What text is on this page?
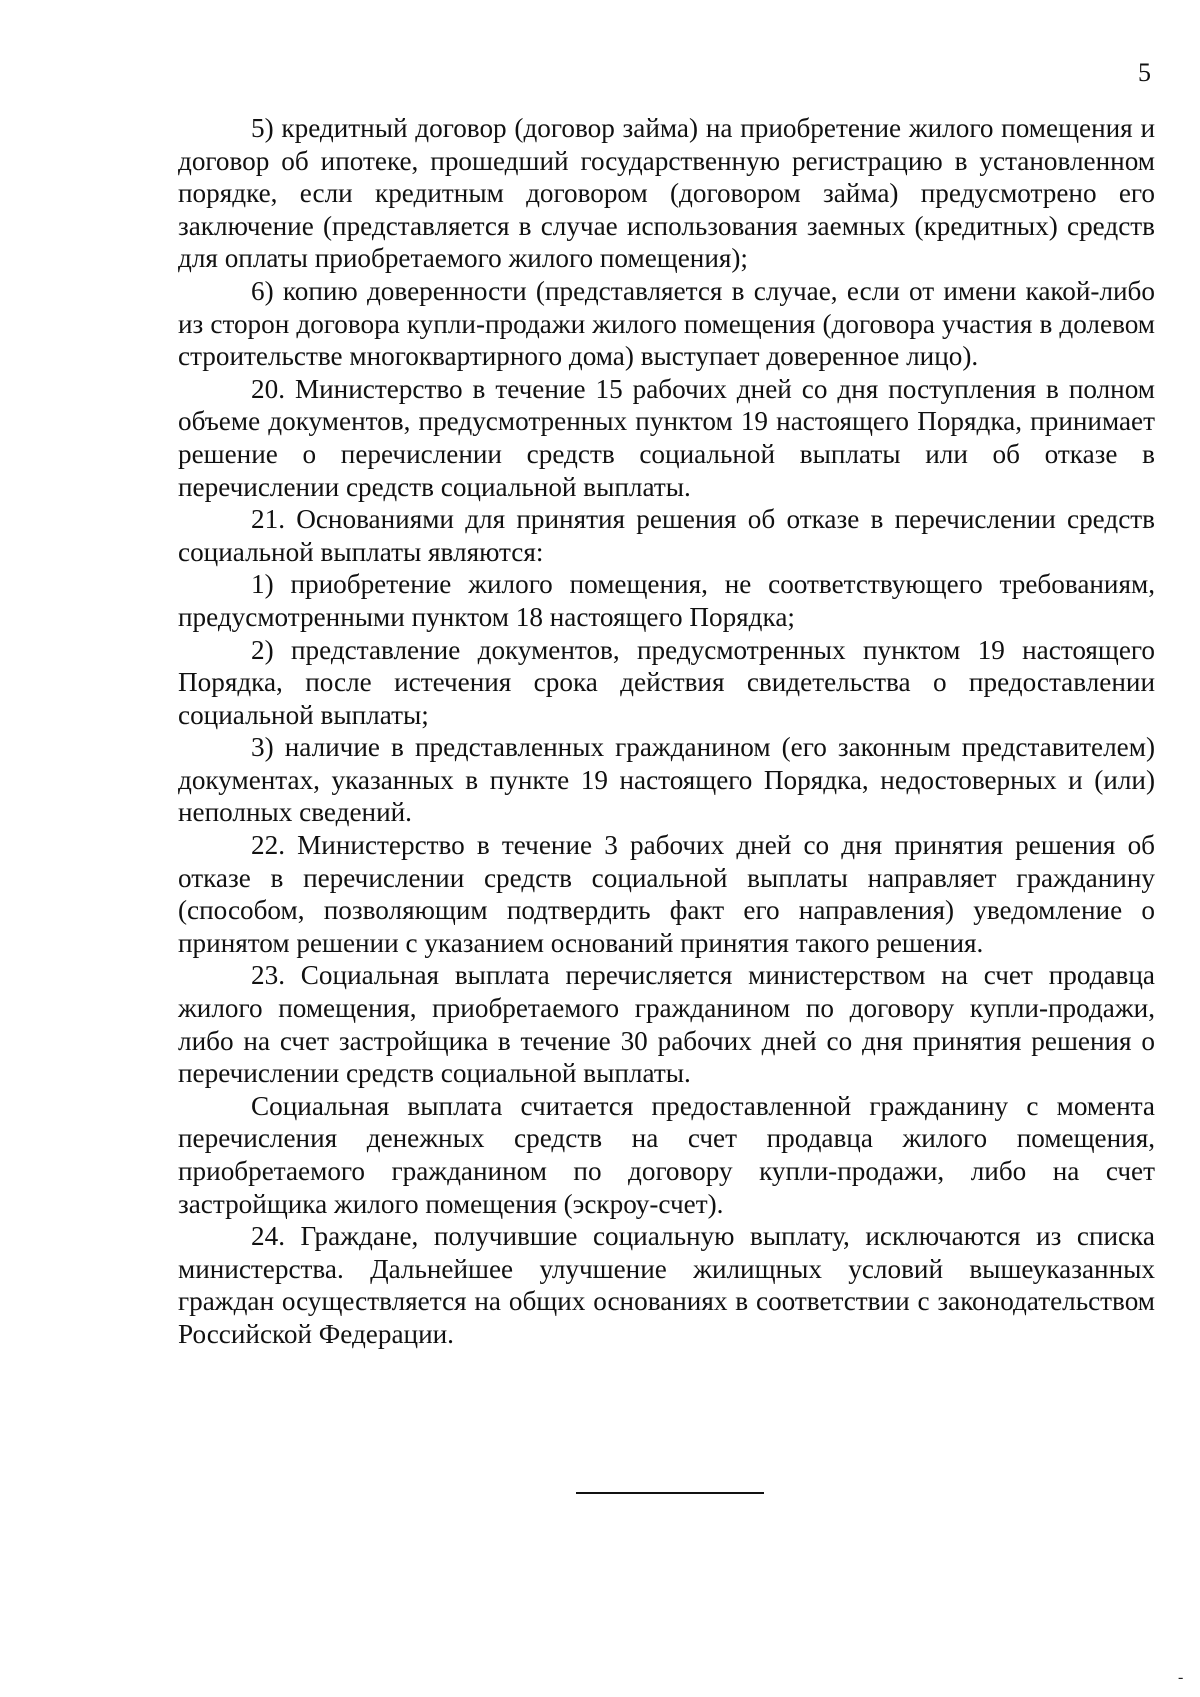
5

5) кредитный договор (договор займа) на приобретение жилого помещения и договор об ипотеке, прошедший государственную регистрацию в установленном порядке, если кредитным договором (договором займа) предусмотрено его заключение (представляется в случае использования заемных (кредитных) средств для оплаты приобретаемого жилого помещения);

6) копию доверенности (представляется в случае, если от имени какой-либо из сторон договора купли-продажи жилого помещения (договора участия в долевом строительстве многоквартирного дома) выступает доверенное лицо).

20. Министерство в течение 15 рабочих дней со дня поступления в полном объеме документов, предусмотренных пунктом 19 настоящего Порядка, принимает решение о перечислении средств социальной выплаты или об отказе в перечислении средств социальной выплаты.

21. Основаниями для принятия решения об отказе в перечислении средств социальной выплаты являются:

1) приобретение жилого помещения, не соответствующего требованиям, предусмотренными пунктом 18 настоящего Порядка;

2) представление документов, предусмотренных пунктом 19 настоящего Порядка, после истечения срока действия свидетельства о предоставлении социальной выплаты;

3) наличие в представленных гражданином (его законным представителем) документах, указанных в пункте 19 настоящего Порядка, недостоверных и (или) неполных сведений.

22. Министерство в течение 3 рабочих дней со дня принятия решения об отказе в перечислении средств социальной выплаты направляет гражданину (способом, позволяющим подтвердить факт его направления) уведомление о принятом решении с указанием оснований принятия такого решения.

23. Социальная выплата перечисляется министерством на счет продавца жилого помещения, приобретаемого гражданином по договору купли-продажи, либо на счет застройщика в течение 30 рабочих дней со дня принятия решения о перечислении средств социальной выплаты.

Социальная выплата считается предоставленной гражданину с момента перечисления денежных средств на счет продавца жилого помещения, приобретаемого гражданином по договору купли-продажи, либо на счет застройщика жилого помещения (эскроу-счет).

24. Граждане, получившие социальную выплату, исключаются из списка министерства. Дальнейшее улучшение жилищных условий вышеуказанных граждан осуществляется на общих основаниях в соответствии с законодательством Российской Федерации.

-
